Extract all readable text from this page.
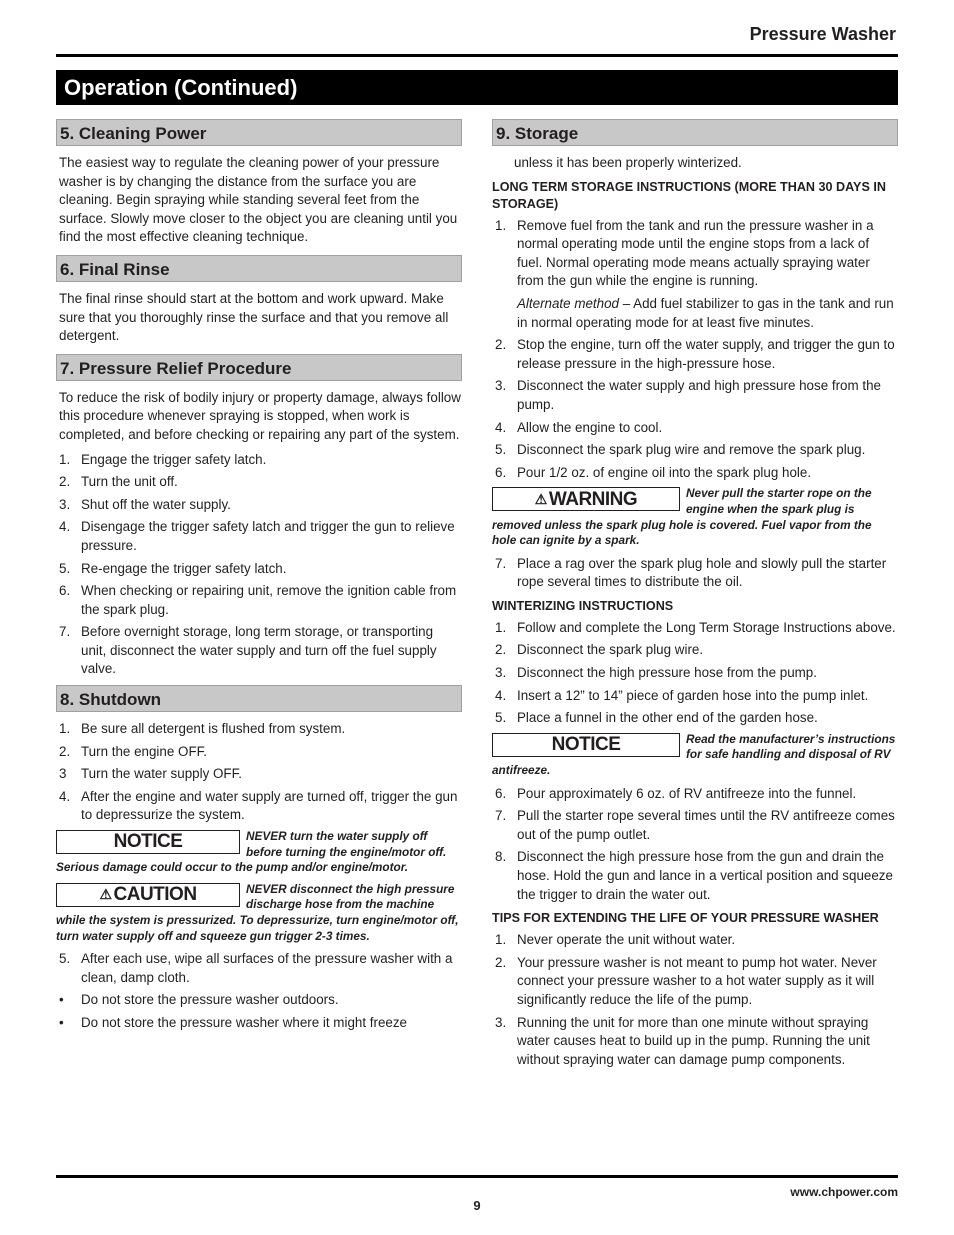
Pressure Washer
Operation (Continued)
5. Cleaning Power

The easiest way to regulate the cleaning power of your pressure washer is by changing the distance from the surface you are cleaning. Begin spraying while standing several feet from the surface. Slowly move closer to the object you are cleaning until you find the most effective cleaning technique.

6. Final Rinse

The final rinse should start at the bottom and work upward. Make sure that you thoroughly rinse the surface and that you remove all detergent.

7. Pressure Relief Procedure

To reduce the risk of bodily injury or property damage, always follow this procedure whenever spraying is stopped, when work is completed, and before checking or repairing any part of the system.

1. Engage the trigger safety latch.
2. Turn the unit off.
3. Shut off the water supply.
4. Disengage the trigger safety latch and trigger the gun to relieve pressure.
5. Re-engage the trigger safety latch.
6. When checking or repairing unit, remove the ignition cable from the spark plug.
7. Before overnight storage, long term storage, or transporting unit, disconnect the water supply and turn off the fuel supply valve.
8. Shutdown
1. Be sure all detergent is flushed from system.
2. Turn the engine OFF.
3 Turn the water supply OFF.
4. After the engine and water supply are turned off, trigger the gun to depressurize the system.
NOTICE	NEVER turn the water supply off before turning the engine/motor off. Serious damage could occur to the pump and/or engine/motor.
⚠ CAUTION	NEVER disconnect the high pressure discharge hose from the machine while the system is pressurized. To depressurize, turn engine/motor off, turn water supply off and squeeze gun trigger 2-3 times.
5. After each use, wipe all surfaces of the pressure washer with a clean, damp cloth.
• Do not store the pressure washer outdoors.
• Do not store the pressure washer where it might freeze
9. Storage

unless it has been properly winterized.

LONG TERM STORAGE INSTRUCTIONS (MORE THAN 30 DAYS IN STORAGE)
1. Remove fuel from the tank and run the pressure washer in a normal operating mode until the engine stops from a lack of fuel. Normal operating mode means actually spraying water from the gun while the engine is running.
Alternate method – Add fuel stabilizer to gas in the tank and run in normal operating mode for at least five minutes.
2. Stop the engine, turn off the water supply, and trigger the gun to release pressure in the high-pressure hose.
3. Disconnect the water supply and high pressure hose from the pump.
4. Allow the engine to cool.
5. Disconnect the spark plug wire and remove the spark plug.
6. Pour 1/2 oz. of engine oil into the spark plug hole.
⚠ WARNING	Never pull the starter rope on the engine when the spark plug is removed unless the spark plug hole is covered. Fuel vapor from the hole can ignite by a spark.
7. Place a rag over the spark plug hole and slowly pull the starter rope several times to distribute the oil.
WINTERIZING INSTRUCTIONS
1. Follow and complete the Long Term Storage Instructions above.
2. Disconnect the spark plug wire.
3. Disconnect the high pressure hose from the pump.
4. Insert a 12” to 14” piece of garden hose into the pump inlet.
5. Place a funnel in the other end of the garden hose.
NOTICE	Read the manufacturer’s instructions for safe handling and disposal of RV antifreeze.
6. Pour approximately 6 oz. of RV antifreeze into the funnel.
7. Pull the starter rope several times until the RV antifreeze comes out of the pump outlet.
8. Disconnect the high pressure hose from the gun and drain the hose. Hold the gun and lance in a vertical position and squeeze the trigger to drain the water out.
TIPS FOR EXTENDING THE LIFE OF YOUR PRESSURE WASHER
1. Never operate the unit without water.
2. Your pressure washer is not meant to pump hot water. Never connect your pressure washer to a hot water supply as it will significantly reduce the life of the pump.
3. Running the unit for more than one minute without spraying water causes heat to build up in the pump. Running the unit without spraying water can damage pump components.
www.chpower.com
9
